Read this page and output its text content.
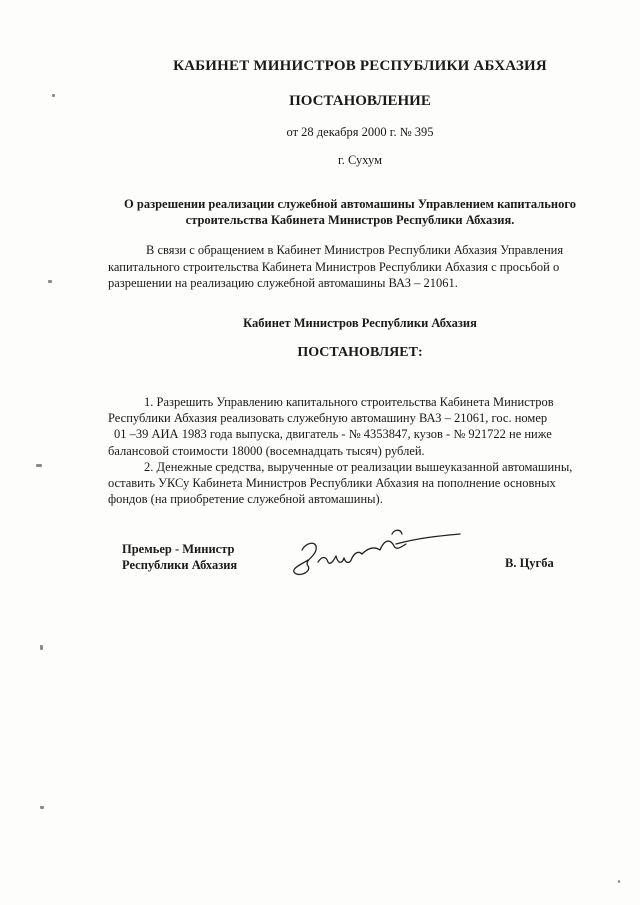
КАБИНЕТ МИНИСТРОВ РЕСПУБЛИКИ АБХАЗИЯ
ПОСТАНОВЛЕНИЕ
от 28 декабря 2000 г. № 395
г. Сухум
О разрешении реализации служебной автомашины Управлением капитального
строительства Кабинета Министров Республики Абхазия.
В связи с обращением в Кабинет Министров Республики Абхазия Управления
капитального строительства Кабинета Министров Республики Абхазия с просьбой о
разрешении на реализацию служебной автомашины ВАЗ – 21061.
Кабинет Министров Республики Абхазия
ПОСТАНОВЛЯЕТ:
1. Разрешить Управлению капитального строительства Кабинета Министров
Республики Абхазия реализовать служебную автомашину ВАЗ – 21061, гос. номер
01 –39 АИА 1983 года выпуска, двигатель - № 4353847, кузов - № 921722 не ниже
балансовой стоимости 18000 (восемнадцать тысяч) рублей.
2. Денежные средства, вырученные от реализации вышеуказанной автомашины,
оставить УКСу Кабинета Министров Республики Абхазия на пополнение основных
фондов (на приобретение служебной автомашины).
Премьер - Министр
Республики Абхазия	В. Цугба
